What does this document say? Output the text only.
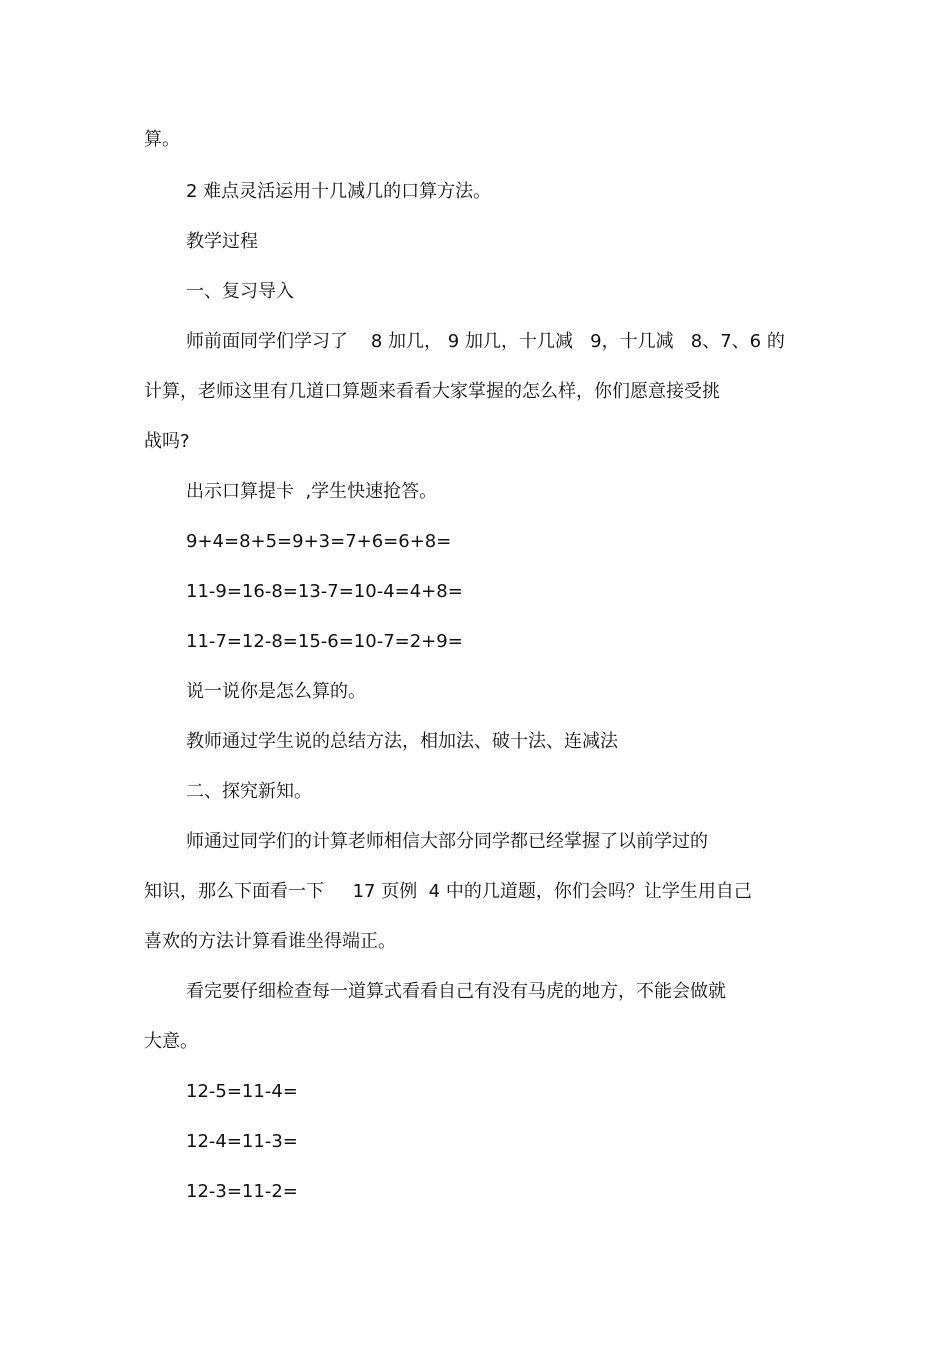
算。
2 难点灵活运用十几减几的口算方法。
教学过程
一、复习导入
师前面同学们学习了    8 加几， 9 加几，十几减   9，十几减   8、7、6 的
计算，老师这里有几道口算题来看看大家掌握的怎么样，你们愿意接受挑
战吗?
出示口算提卡  ,学生快速抢答。
9+4=8+5=9+3=7+6=6+8=
11-9=16-8=13-7=10-4=4+8=
11-7=12-8=15-6=10-7=2+9=
说一说你是怎么算的。
教师通过学生说的总结方法，相加法、破十法、连减法
二、探究新知。
师通过同学们的计算老师相信大部分同学都已经掌握了以前学过的
知识，那么下面看一下     17 页例  4 中的几道题，你们会吗？让学生用自己
喜欢的方法计算看谁坐得端正。
看完要仔细检查每一道算式看看自己有没有马虎的地方，不能会做就
大意。
12-5=11-4=
12-4=11-3=
12-3=11-2=
